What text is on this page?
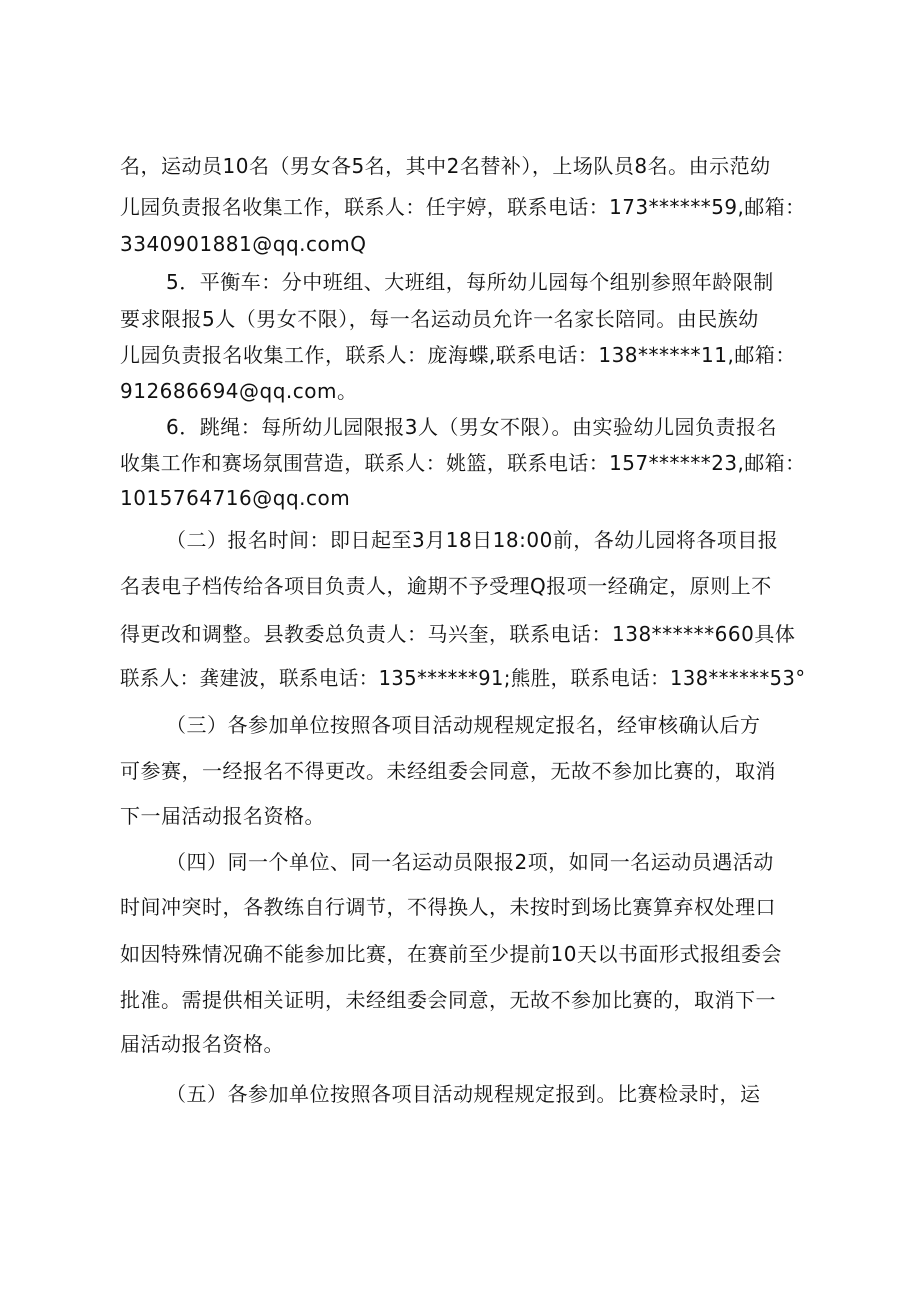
名，运动员10名（男女各5名，其中2名替补），上场队员8名。由示范幼
儿园负责报名收集工作，联系人：任宇婷，联系电话：173******59,邮箱：
3340901881@qq.comQ
5．平衡车：分中班组、大班组，每所幼儿园每个组别参照年龄限制
要求限报5人（男女不限），每一名运动员允许一名家长陪同。由民族幼
儿园负责报名收集工作，联系人：庞海蝶,联系电话：138******11,邮箱：
912686694@qq.com。
6．跳绳：每所幼儿园限报3人（男女不限）。由实验幼儿园负责报名
收集工作和赛场氛围营造，联系人：姚篮，联系电话：157******23,邮箱：
1015764716@qq.com
（二）报名时间：即日起至3月18日18:00前，各幼儿园将各项目报
名表电子档传给各项目负责人，逾期不予受理Q报项一经确定，原则上不
得更改和调整。县教委总负责人：马兴奎，联系电话：138******660具体
联系人：龚建波，联系电话：135******91;熊胜，联系电话：138******53°
（三）各参加单位按照各项目活动规程规定报名，经审核确认后方
可参赛，一经报名不得更改。未经组委会同意，无故不参加比赛的，取消
下一届活动报名资格。
（四）同一个单位、同一名运动员限报2项，如同一名运动员遇活动
时间冲突时，各教练自行调节，不得换人，未按时到场比赛算弃权处理口
如因特殊情况确不能参加比赛，在赛前至少提前10天以书面形式报组委会
批准。需提供相关证明，未经组委会同意，无故不参加比赛的，取消下一
届活动报名资格。
（五）各参加单位按照各项目活动规程规定报到。比赛检录时，运
